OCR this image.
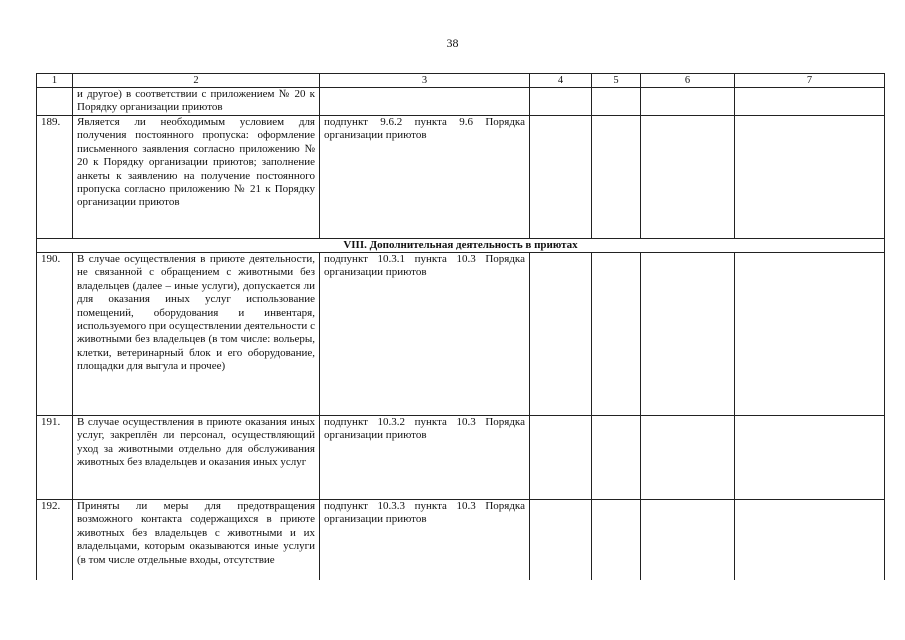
38
1	2	3	4	5	6	7
	и другое) в соответствии с приложением № 20 к Порядку организации приютов					
189.	Является ли необходимым условием для получения постоянного пропуска: оформление письменного заявления согласно приложению № 20 к Порядку организации приютов; заполнение анкеты к заявлению на получение постоянного пропуска согласно приложению № 21 к Порядку организации приютов	подпункт 9.6.2 пункта 9.6 Порядка организации приютов				
VIII. Дополнительная деятельность в приютах						
190.	В случае осуществления в приюте деятельности, не связанной с обращением с животными без владельцев (далее – иные услуги), допускается ли для оказания иных услуг использование помещений, оборудования и инвентаря, используемого при осуществлении деятельности с животными без владельцев (в том числе: вольеры, клетки, ветеринарный блок и его оборудование, площадки для выгула и прочее)	подпункт 10.3.1 пункта 10.3 Порядка организации приютов				
191.	В случае осуществления в приюте оказания иных услуг, закреплён ли персонал, осуществляющий уход за животными отдельно для обслуживания животных без владельцев и оказания иных услуг	подпункт 10.3.2 пункта 10.3 Порядка организации приютов				
192.	Приняты ли меры для предотвращения возможного контакта содержащихся в приюте животных без владельцев с животными и их владельцами, которым оказываются иные услуги (в том числе отдельные входы, отсутствие	подпункт 10.3.3 пункта 10.3 Порядка организации приютов				
